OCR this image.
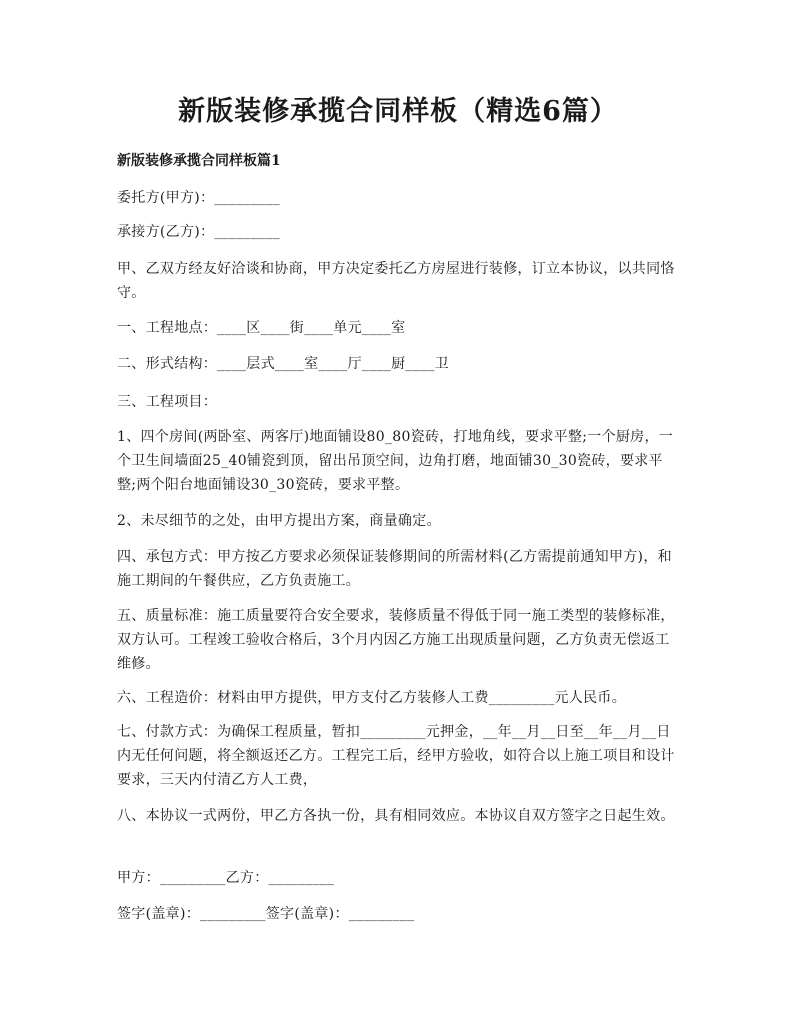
新版装修承揽合同样板（精选6篇）
新版装修承揽合同样板篇1

委托方(甲方)：_________

承接方(乙方)：_________

甲、乙双方经友好洽谈和协商，甲方决定委托乙方房屋进行装修，订立本协议，以共同恪守。

一、工程地点：____区____街____单元____室

二、形式结构：____层式____室____厅____厨____卫

三、工程项目：

1、四个房间(两卧室、两客厅)地面铺设80_80瓷砖，打地角线，要求平整;一个厨房，一个卫生间墙面25_40铺瓷到顶，留出吊顶空间，边角打磨，地面铺30_30瓷砖，要求平整;两个阳台地面铺设30_30瓷砖，要求平整。

2、未尽细节的之处，由甲方提出方案，商量确定。

四、承包方式：甲方按乙方要求必须保证装修期间的所需材料(乙方需提前通知甲方)，和施工期间的午餐供应，乙方负责施工。

五、质量标准：施工质量要符合安全要求，装修质量不得低于同一施工类型的装修标准，双方认可。工程竣工验收合格后，3个月内因乙方施工出现质量问题，乙方负责无偿返工维修。

六、工程造价：材料由甲方提供，甲方支付乙方装修人工费_________元人民币。

七、付款方式：为确保工程质量，暂扣_________元押金，__年__月__日至__年__月__日内无任何问题，将全额返还乙方。工程完工后，经甲方验收，如符合以上施工项目和设计要求，三天内付清乙方人工费，

八、本协议一式两份，甲乙方各执一份，具有相同效应。本协议自双方签字之日起生效。

甲方：_________乙方：_________

签字(盖章)：_________签字(盖章)：_________
